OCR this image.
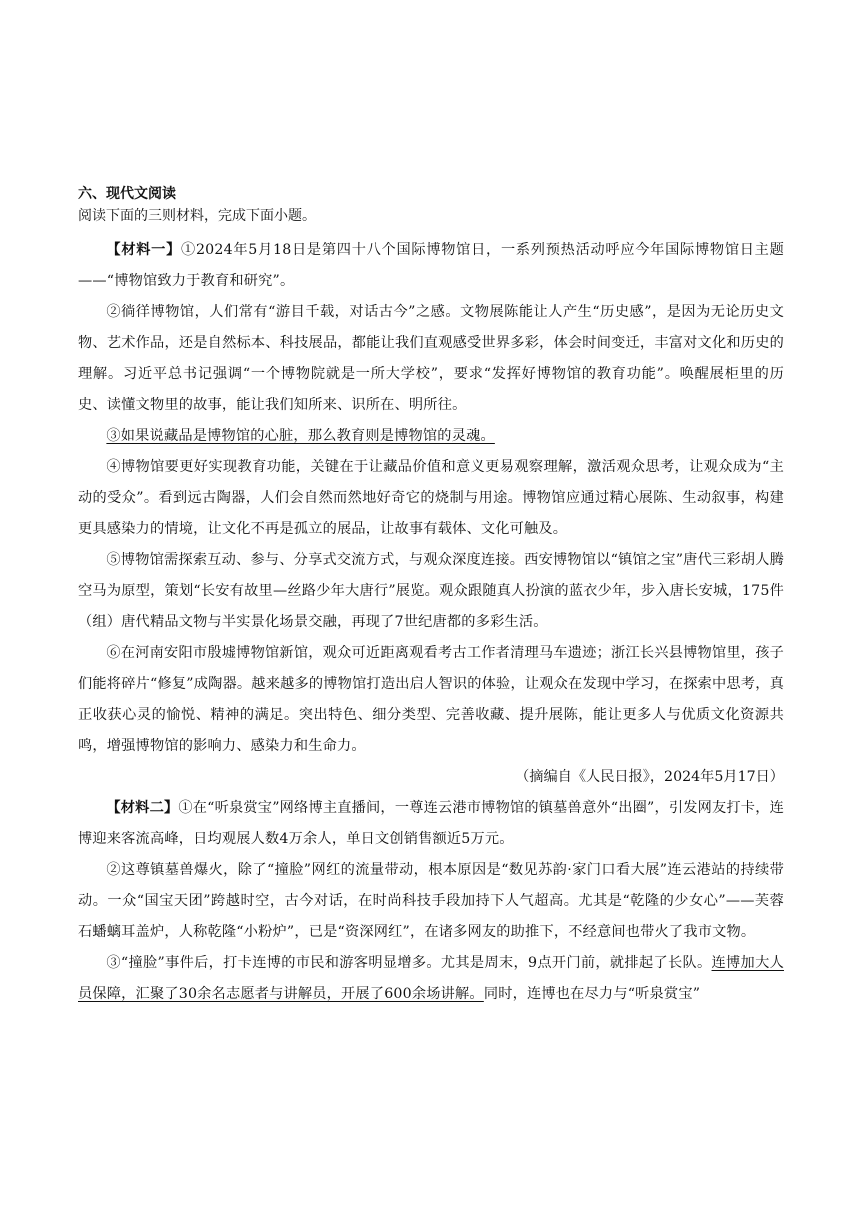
六、现代文阅读

阅读下面的三则材料，完成下面小题。

【材料一】①2024年5月18日是第四十八个国际博物馆日，一系列预热活动呼应今年国际博物馆日主题——“博物馆致力于教育和研究”。

②徜徉博物馆，人们常有“游目千载，对话古今”之感。文物展陈能让人产生“历史感”，是因为无论历史文物、艺术作品，还是自然标本、科技展品，都能让我们直观感受世界多彩，体会时间变迁，丰富对文化和历史的理解。习近平总书记强调“一个博物院就是一所大学校”，要求“发挥好博物馆的教育功能”。唤醒展柜里的历史、读懂文物里的故事，能让我们知所来、识所在、明所往。

③如果说藏品是博物馆的心脏，那么教育则是博物馆的灵魂。

④博物馆要更好实现教育功能，关键在于让藏品价值和意义更易观察理解，激活观众思考，让观众成为“主动的受众”。看到远古陶器，人们会自然而然地好奇它的烧制与用途。博物馆应通过精心展陈、生动叙事，构建更具感染力的情境，让文化不再是孤立的展品，让故事有载体、文化可触及。

⑤博物馆需探索互动、参与、分享式交流方式，与观众深度连接。西安博物馆以“镇馆之宝”唐代三彩胡人腾空马为原型，策划“长安有故里—丝路少年大唐行”展览。观众跟随真人扮演的蓝衣少年，步入唐长安城，175件（组）唐代精品文物与半实景化场景交融，再现了7世纪唐都的多彩生活。

⑥在河南安阳市殷墟博物馆新馆，观众可近距离观看考古工作者清理马车遗迹；浙江长兴县博物馆里，孩子们能将碎片“修复”成陶器。越来越多的博物馆打造出启人智识的体验，让观众在发现中学习，在探索中思考，真正收获心灵的愉悦、精神的满足。突出特色、细分类型、完善收藏、提升展陈，能让更多人与优质文化资源共鸣，增强博物馆的影响力、感染力和生命力。

（摘编自《人民日报》，2024年5月17日）

【材料二】①在“听泉赏宝”网络博主直播间，一尊连云港市博物馆的镇墓兽意外“出圈”，引发网友打卡，连博迎来客流高峰，日均观展人数4万余人，单日文创销售额近5万元。

②这尊镇墓兽爆火，除了“撞脸”网红的流量带动，根本原因是“数见苏韵·家门口看大展”连云港站的持续带动。一众“国宝天团”跨越时空，古今对话，在时尚科技手段加持下人气超高。尤其是“乾隆的少女心”——芙蓉石蟠螭耳盖炉，人称乾隆“小粉炉”，已是“资深网红”，在诸多网友的助推下，不经意间也带火了我市文物。

③“撞脸”事件后，打卡连博的市民和游客明显增多。尤其是周末，9点开门前，就排起了长队。连博加大人员保障，汇聚了30余名志愿者与讲解员，开展了600余场讲解。同时，连博也在尽力与“听泉赏宝”
